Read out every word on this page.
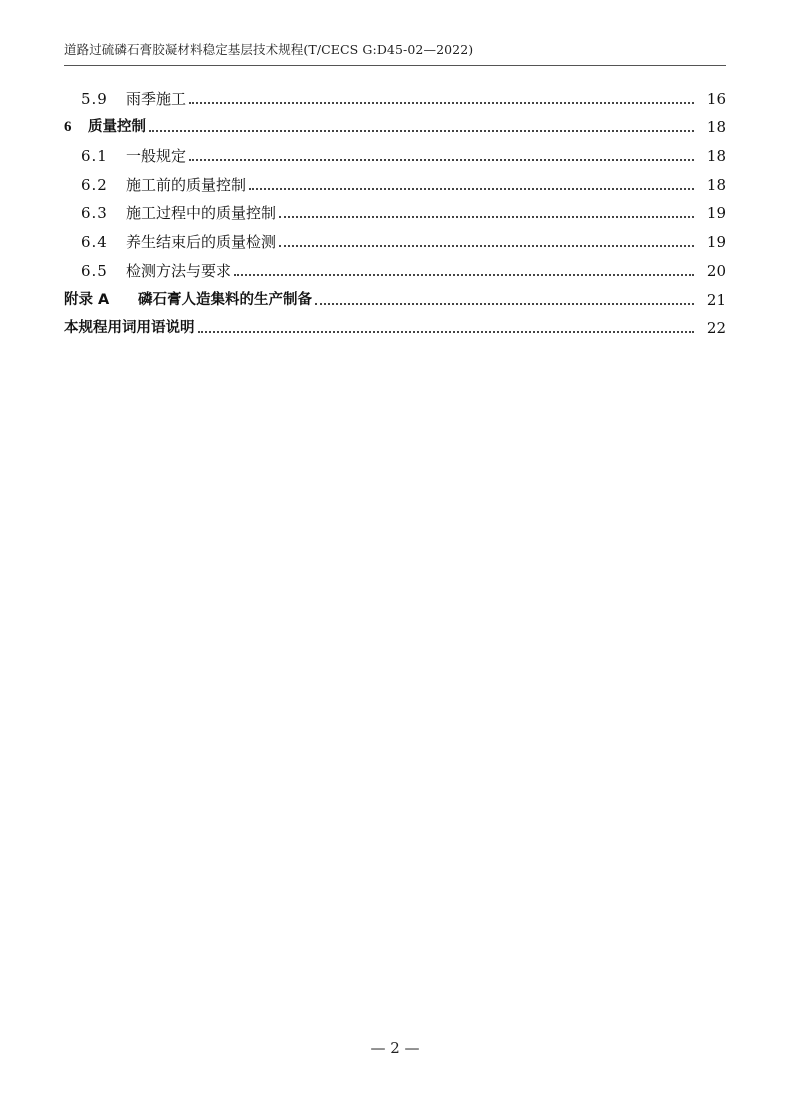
道路过硫磷石膏胶凝材料稳定基层技术规程(T/CECS G:D45-02—2022)
5.9	雨季施工	16
6	质量控制	18
6.1	一般规定	18
6.2	施工前的质量控制	18
6.3	施工过程中的质量控制	19
6.4	养生结束后的质量检测	19
6.5	检测方法与要求	20
附录 A	磷石膏人造集料的生产制备	21
本规程用词用语说明	22
— 2 —
